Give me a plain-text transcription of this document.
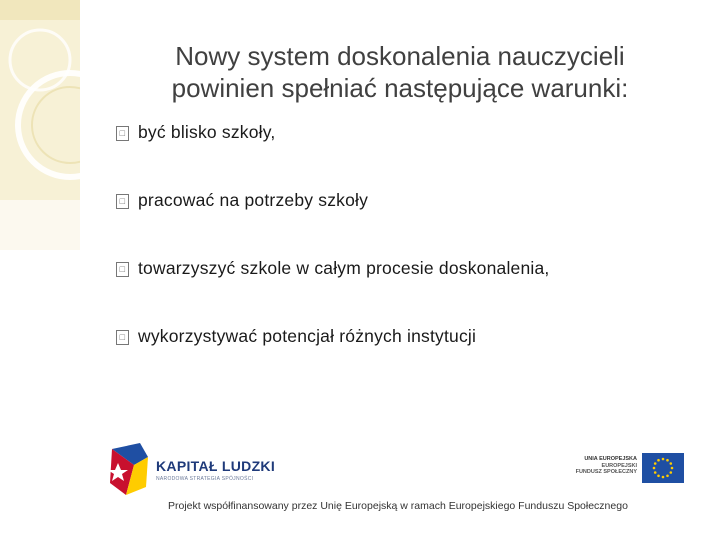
Nowy system doskonalenia nauczycieli
powinien spełniać następujące warunki:
□ być blisko szkoły,
□ pracować na potrzeby szkoły
□ towarzyszyć szkole w całym procesie doskonalenia,
□ wykorzystywać potencjał różnych instytucji
KAPITAŁ LUDZKI
NARODOWA STRATEGIA SPÓJNOŚCI
UNIA EUROPEJSKA
EUROPEJSKI
FUNDUSZ SPOŁECZNY
Projekt współfinansowany przez Unię Europejską w ramach Europejskiego Funduszu Społecznego
